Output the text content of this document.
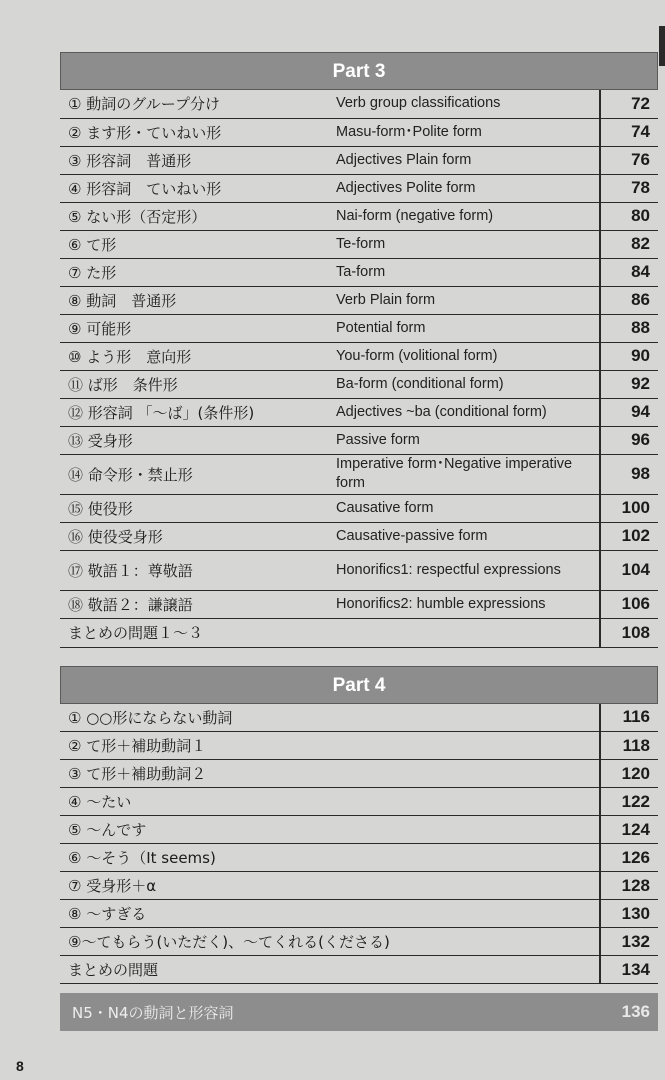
Part 3
① 動詞のグループ分け	Verb group classifications	72
② ます形・ていねい形	Masu-form･Polite form	74
③ 形容詞　普通形	Adjectives Plain form	76
④ 形容詞　ていねい形	Adjectives Polite form	78
⑤ ない形（否定形）	Nai-form (negative form)	80
⑥ て形	Te-form	82
⑦ た形	Ta-form	84
⑧ 動詞　普通形	Verb Plain form	86
⑨ 可能形	Potential form	88
⑩ よう形　意向形	You-form (volitional form)	90
⑪ ば形　条件形	Ba-form (conditional form)	92
⑫ 形容詞 「～ば」(条件形)	Adjectives ~ba (conditional form)	94
⑬ 受身形	Passive form	96
⑭ 命令形・禁止形	Imperative form･Negative imperative form	98
⑮ 使役形	Causative form	100
⑯ 使役受身形	Causative-passive form	102
⑰ 敬語１：尊敬語	Honorifics1: respectful expressions	104
⑱ 敬語２：謙譲語	Honorifics2: humble expressions	106
まとめの問題１～３		108
Part 4
① ○○形にならない動詞	116
② て形＋補助動詞１	118
③ て形＋補助動詞２	120
④ ～たい	122
⑤ ～んです	124
⑥ ～そう（It seems)	126
⑦ 受身形＋α	128
⑧ ～すぎる	130
⑨～てもらう(いただく)、～てくれる(くださる)	132
まとめの問題	134
N5・N4の動詞と形容詞	136
8
